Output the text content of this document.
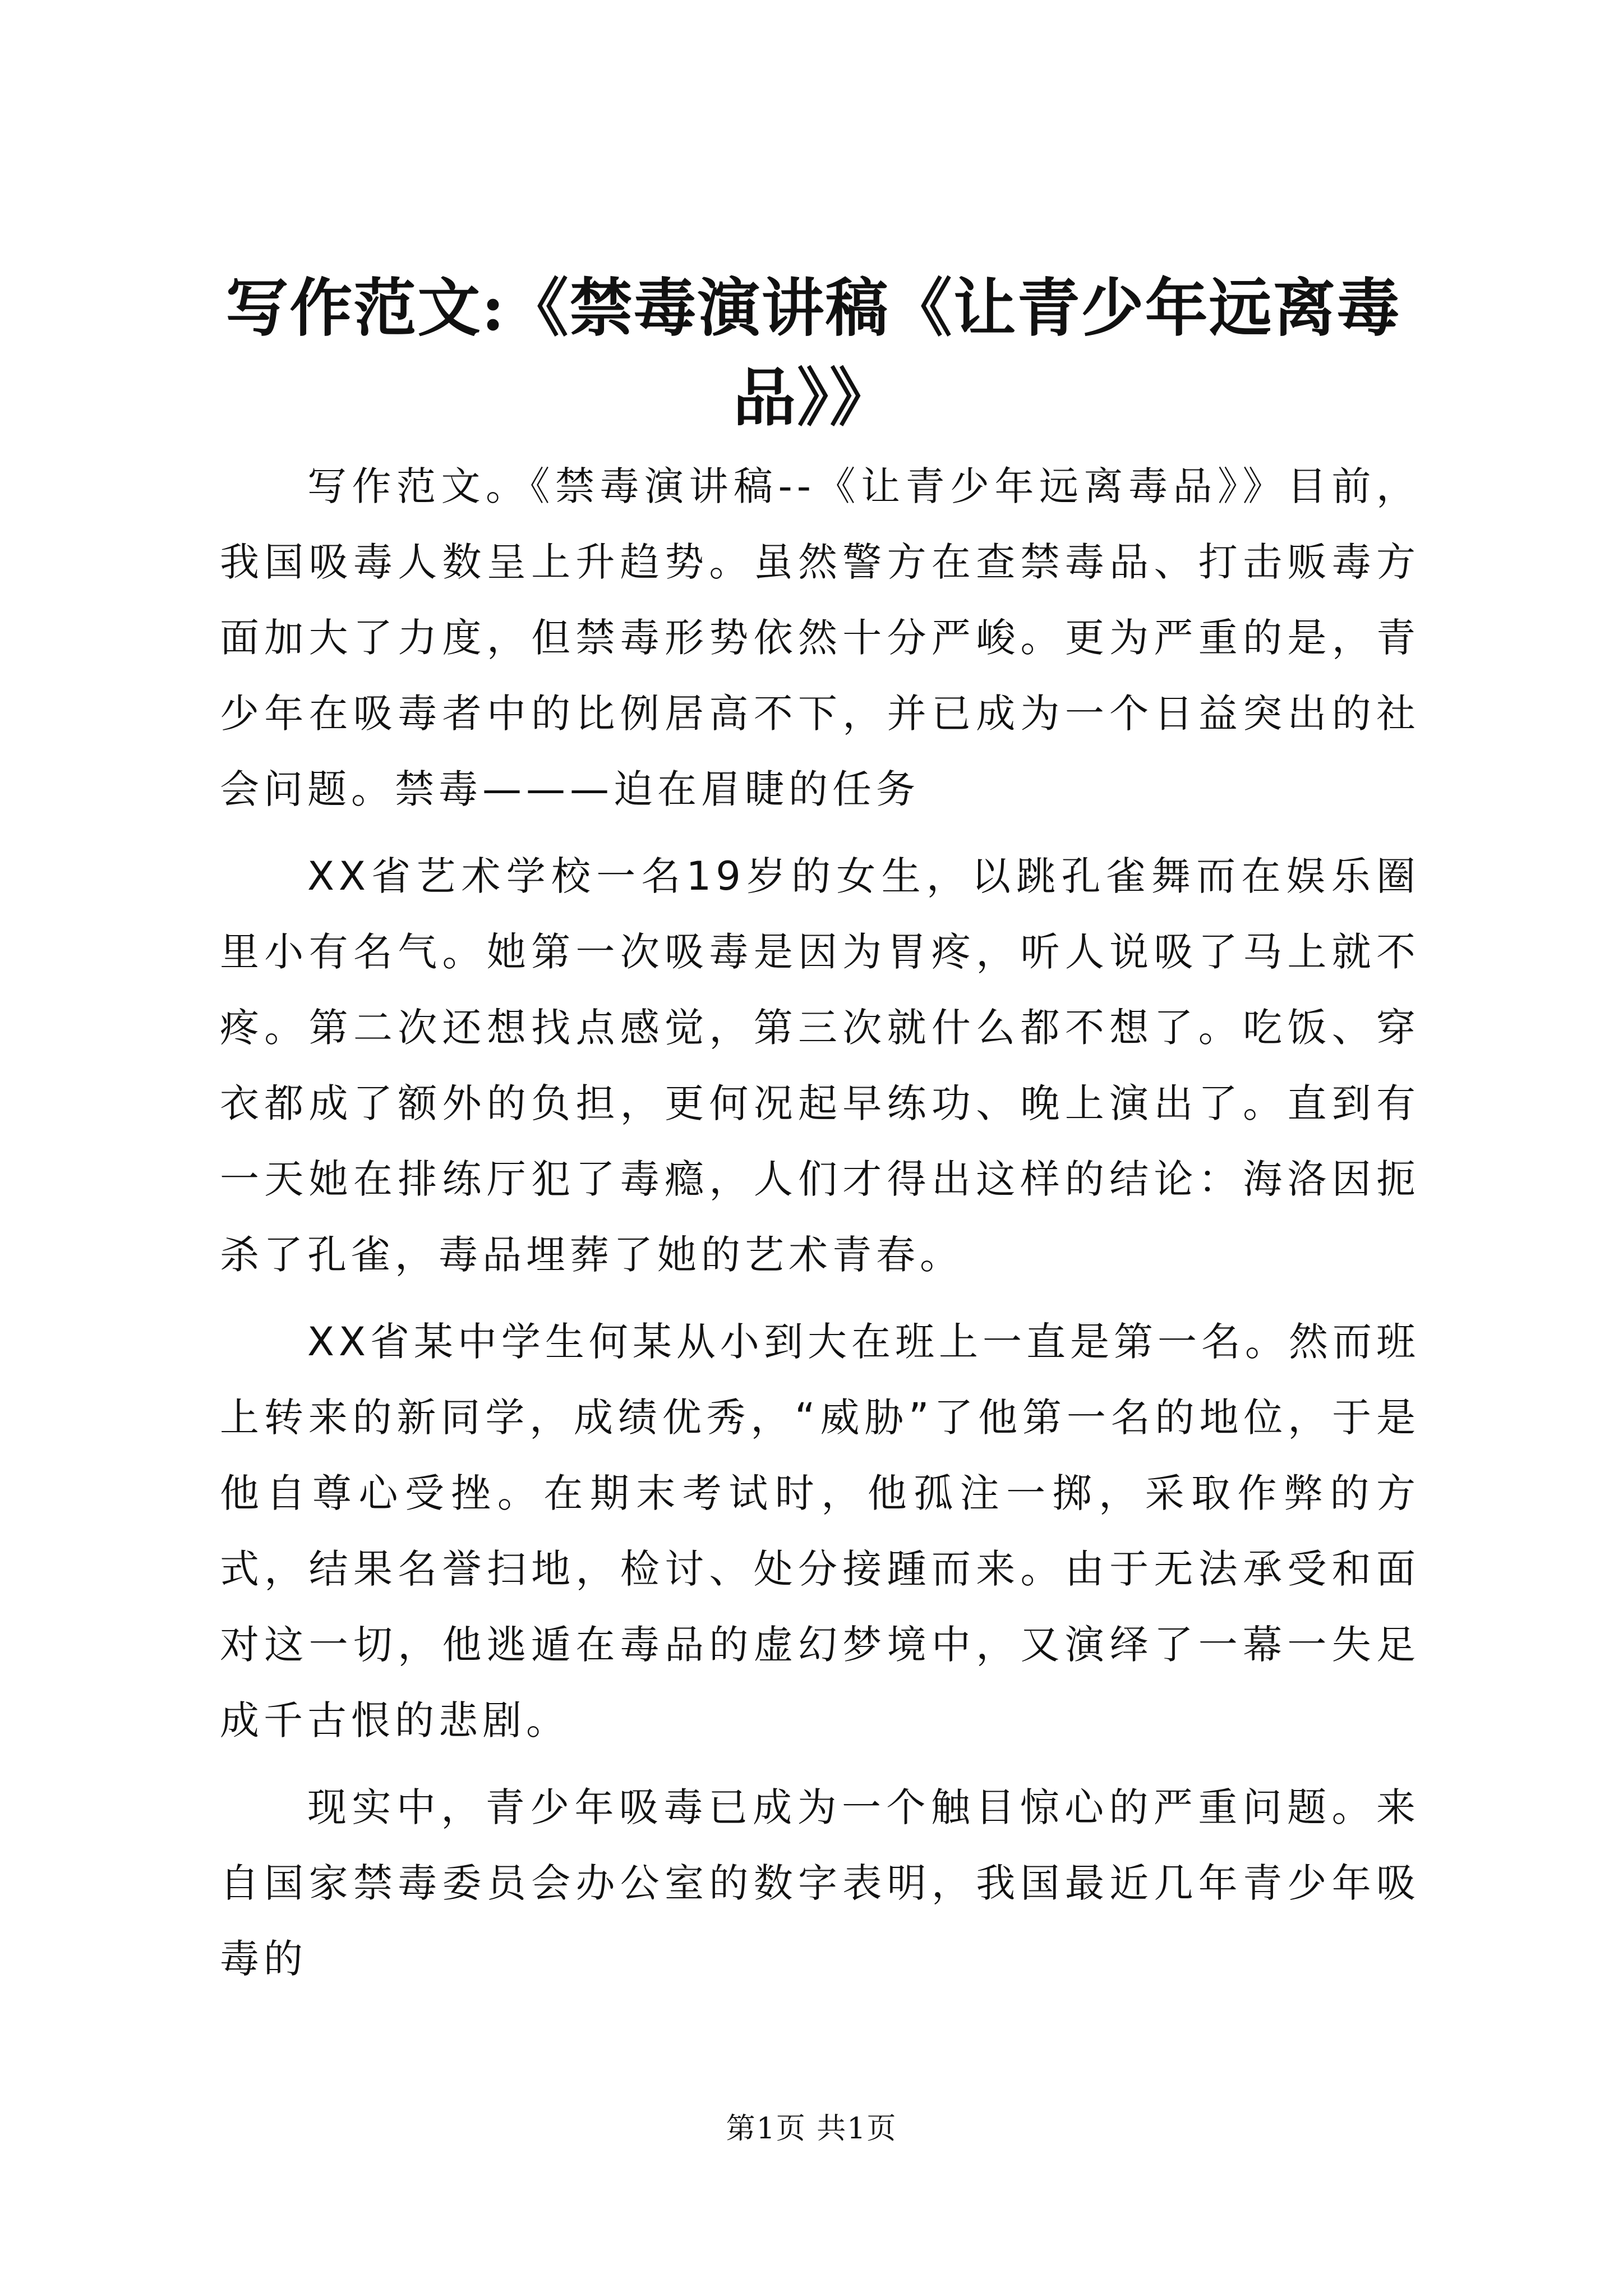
写作范文:《禁毒演讲稿《让青少年远离毒品》》

写作范文。《禁毒演讲稿--《让青少年远离毒品》》目前，我国吸毒人数呈上升趋势。虽然警方在查禁毒品、打击贩毒方面加大了力度，但禁毒形势依然十分严峻。更为严重的是，青少年在吸毒者中的比例居高不下，并已成为一个日益突出的社会问题。禁毒———迫在眉睫的任务

XX省艺术学校一名19岁的女生，以跳孔雀舞而在娱乐圈里小有名气。她第一次吸毒是因为胃疼，听人说吸了马上就不疼。第二次还想找点感觉，第三次就什么都不想了。吃饭、穿衣都成了额外的负担，更何况起早练功、晚上演出了。直到有一天她在排练厅犯了毒瘾，人们才得出这样的结论：海洛因扼杀了孔雀，毒品埋葬了她的艺术青春。

XX省某中学生何某从小到大在班上一直是第一名。然而班上转来的新同学，成绩优秀，“威胁”了他第一名的地位，于是他自尊心受挫。在期末考试时，他孤注一掷，采取作弊的方式，结果名誉扫地，检讨、处分接踵而来。由于无法承受和面对这一切，他逃遁在毒品的虚幻梦境中，又演绎了一幕一失足成千古恨的悲剧。

现实中，青少年吸毒已成为一个触目惊心的严重问题。来自国家禁毒委员会办公室的数字表明，我国最近几年青少年吸毒的

第1页 共1页
